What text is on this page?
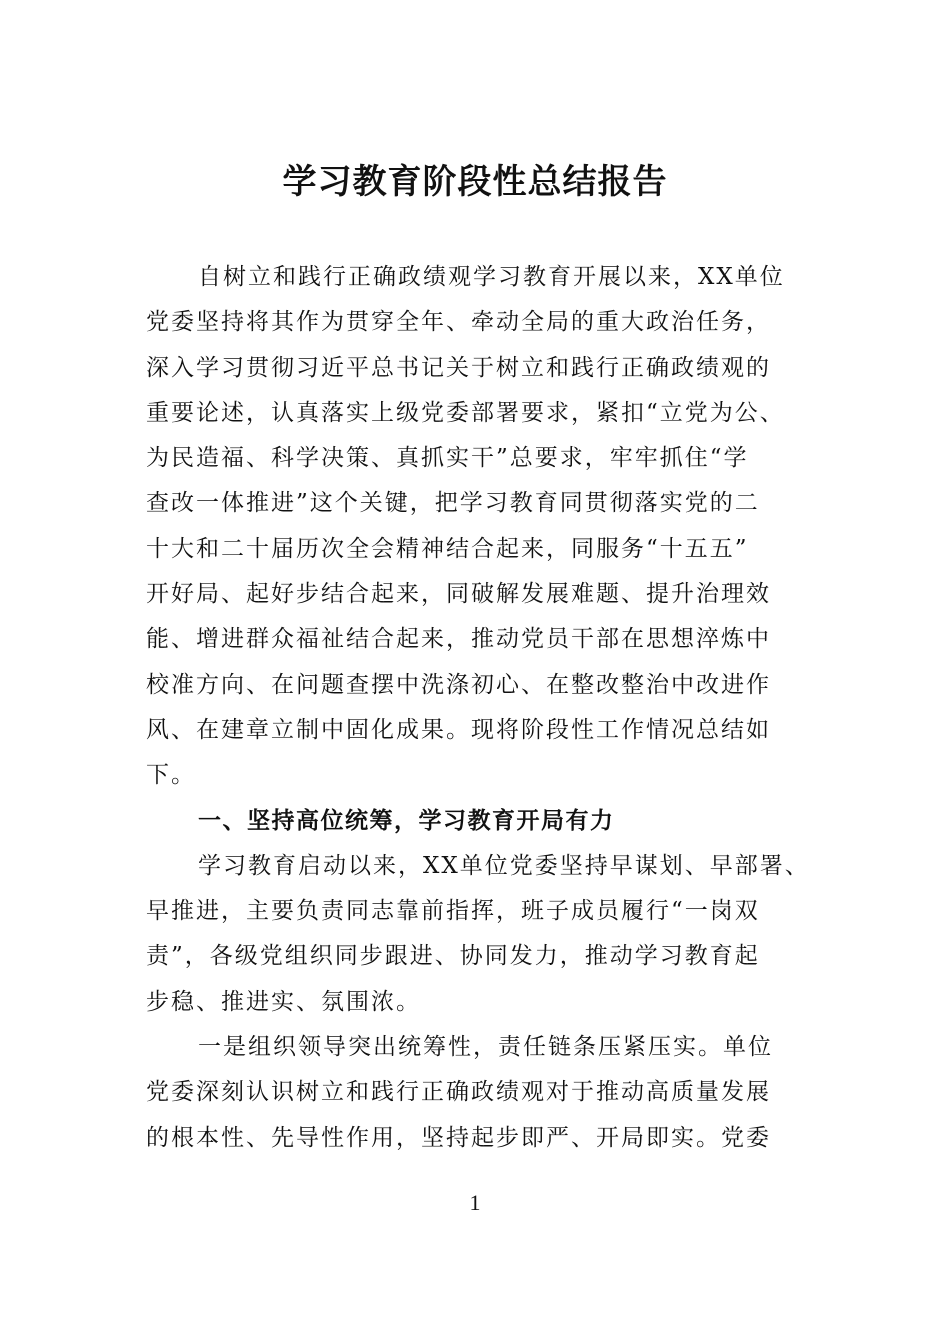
学习教育阶段性总结报告
自树立和践行正确政绩观学习教育开展以来，XX单位
党委坚持将其作为贯穿全年、牵动全局的重大政治任务，
深入学习贯彻习近平总书记关于树立和践行正确政绩观的
重要论述，认真落实上级党委部署要求，紧扣“立党为公、
为民造福、科学决策、真抓实干”总要求，牢牢抓住“学
查改一体推进”这个关键，把学习教育同贯彻落实党的二
十大和二十届历次全会精神结合起来，同服务“十五五”
开好局、起好步结合起来，同破解发展难题、提升治理效
能、增进群众福祉结合起来，推动党员干部在思想淬炼中
校准方向、在问题查摆中洗涤初心、在整改整治中改进作
风、在建章立制中固化成果。现将阶段性工作情况总结如
下。
一、坚持高位统筹，学习教育开局有力
学习教育启动以来，XX单位党委坚持早谋划、早部署、
早推进，主要负责同志靠前指挥，班子成员履行“一岗双
责”，各级党组织同步跟进、协同发力，推动学习教育起
步稳、推进实、氛围浓。
一是组织领导突出统筹性，责任链条压紧压实。单位
党委深刻认识树立和践行正确政绩观对于推动高质量发展
的根本性、先导性作用，坚持起步即严、开局即实。党委
1
